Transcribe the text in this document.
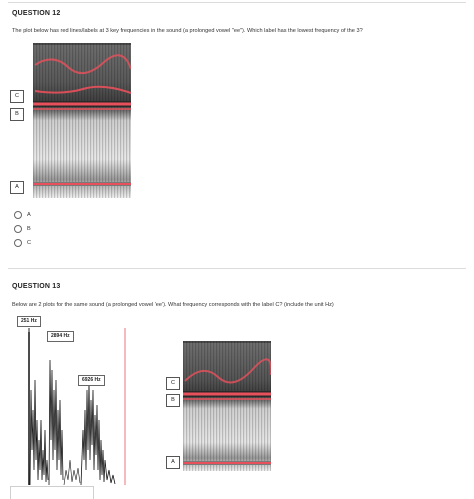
QUESTION 12
The plot below has red lines/labels at 3 key frequencies in the sound (a prolonged vowel "ee"). Which label has the lowest frequency of the 3?
C
B
A
A
B
C
QUESTION 13
Below are 2 plots for the same sound (a prolonged vowel 'ee'). What frequency corresponds with the label C? (include the unit Hz)
251 Hz
2894 Hz
6926 Hz	C
B
A
